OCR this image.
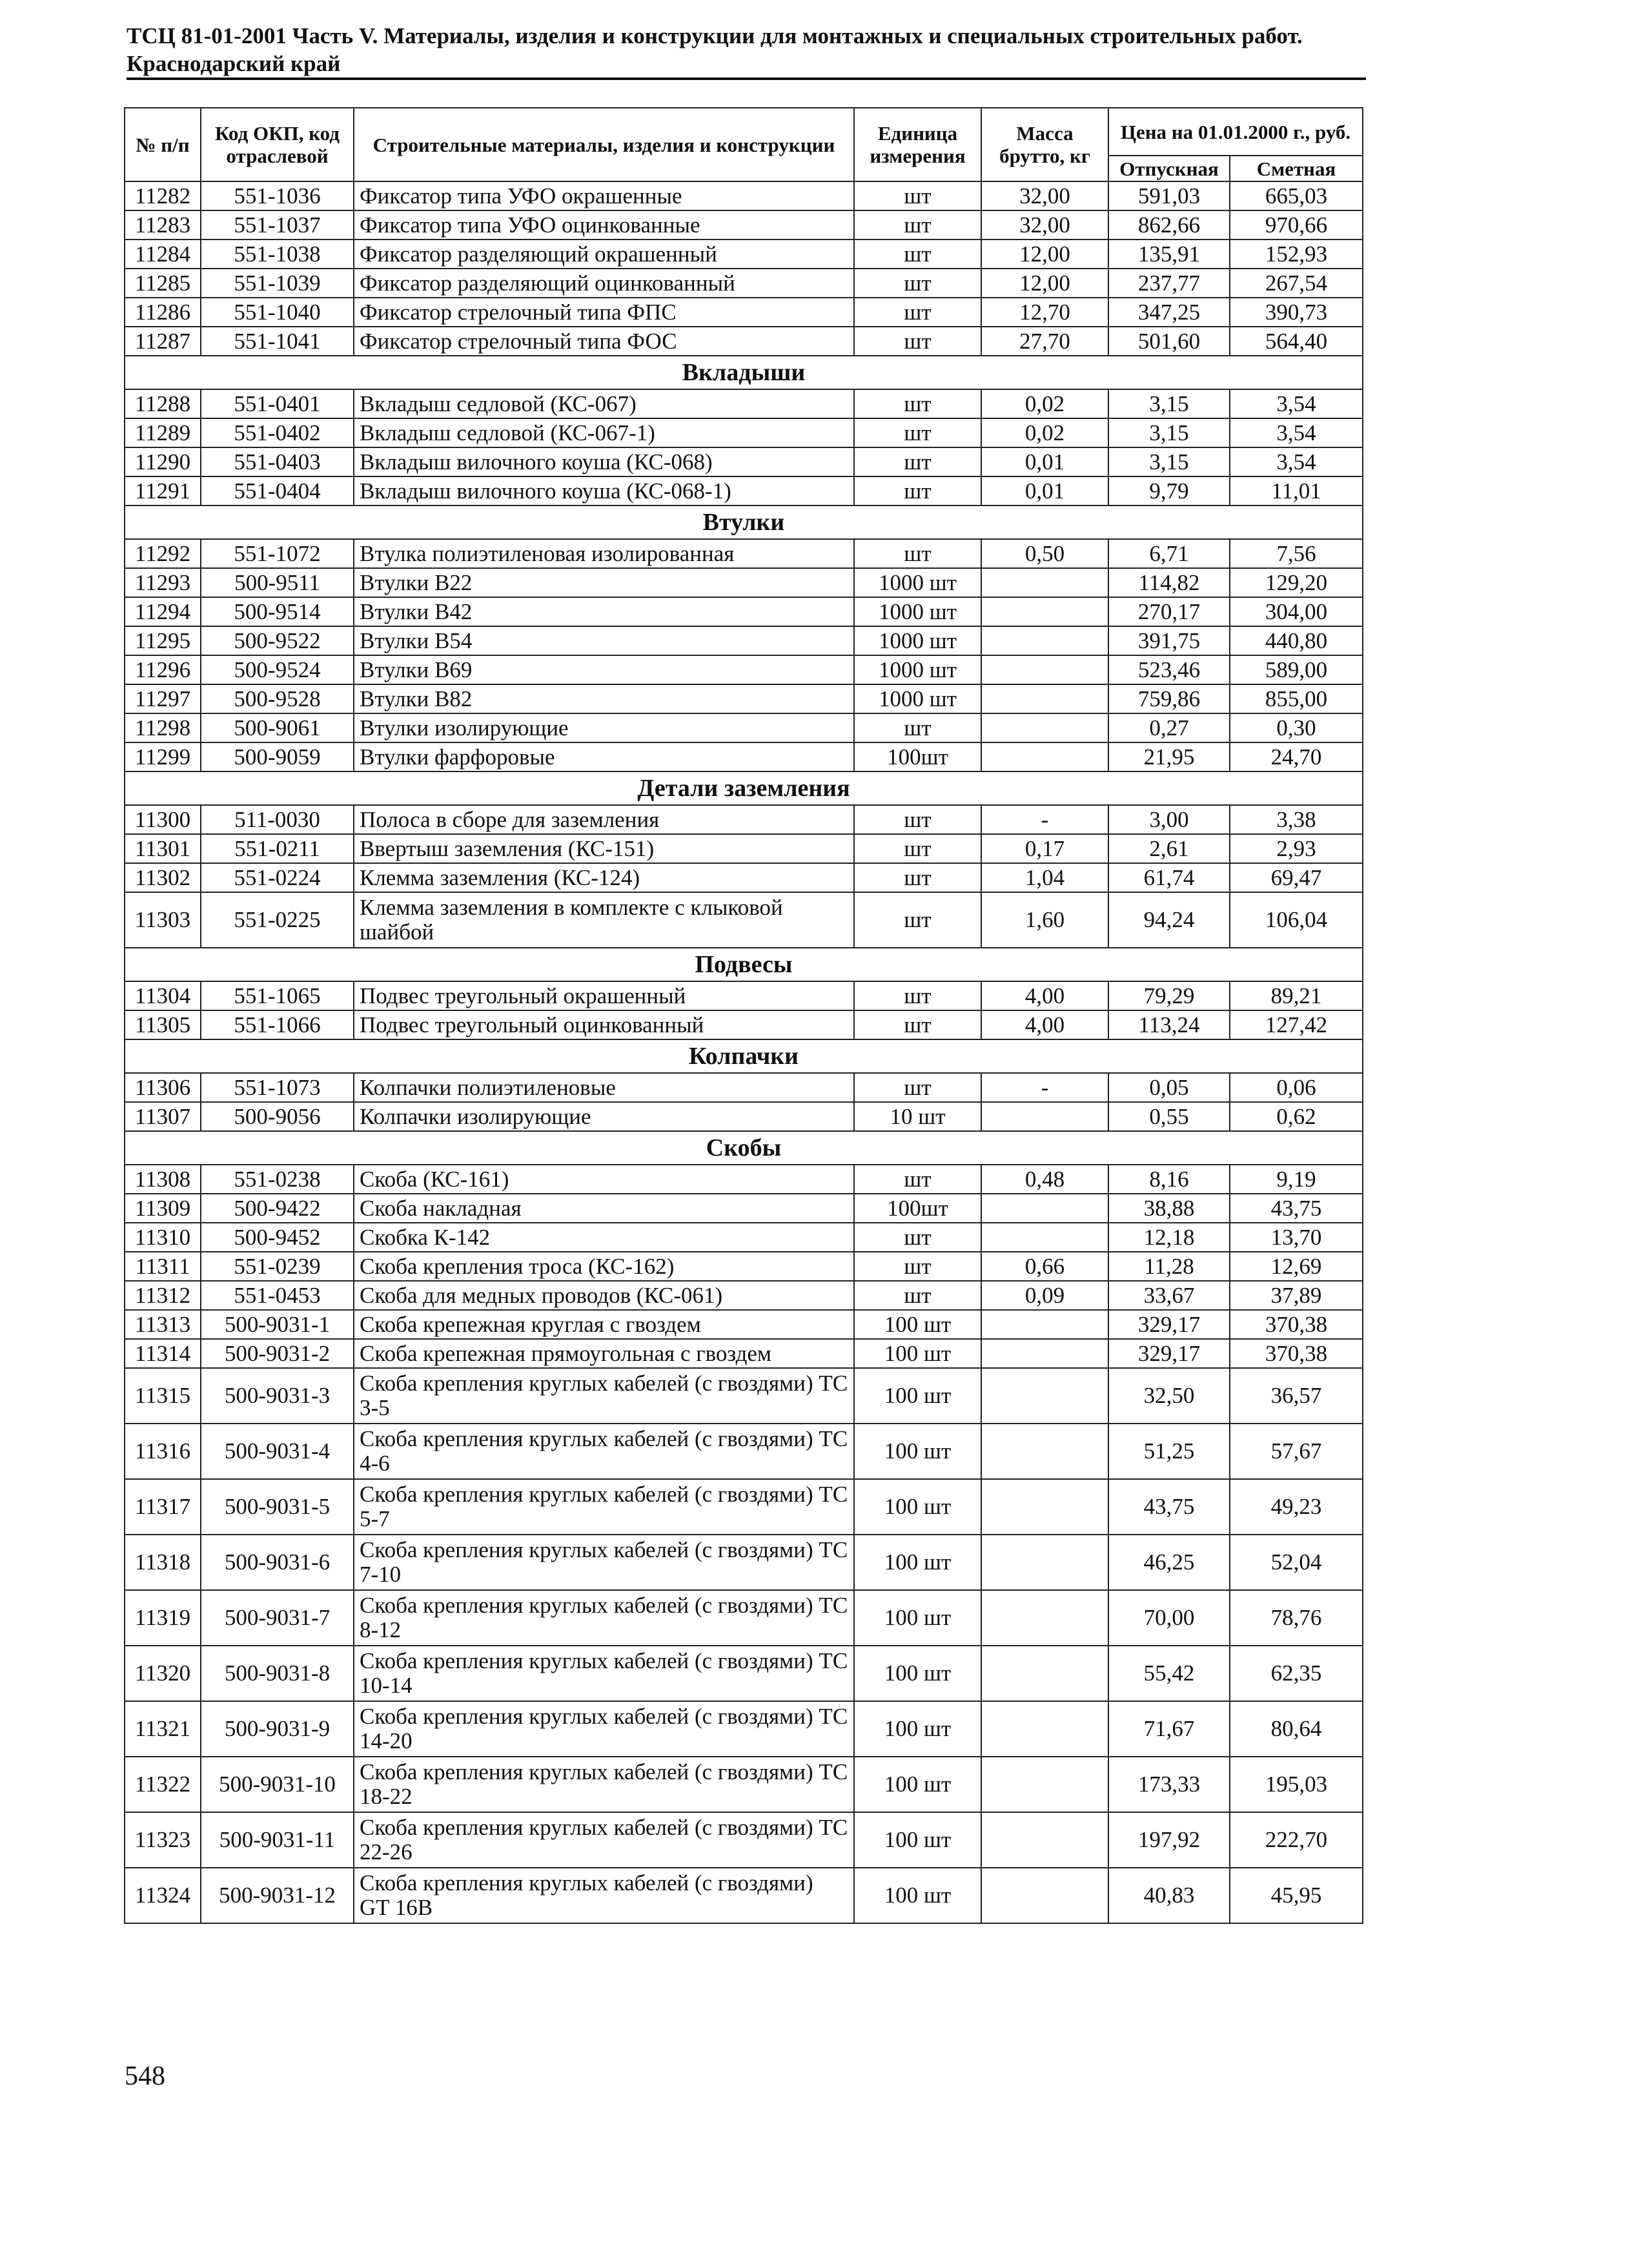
ТСЦ 81-01-2001 Часть V. Материалы, изделия и конструкции для монтажных и специальных строительных работ.
Краснодарский край
№ п/п	Код ОКП, код отраслевой	Строительные материалы, изделия и конструкции	Единица измерения	Масса брутто, кг	Цена на 01.01.2000 г., руб.	
					Отпускная	Сметная
11282	551-1036	Фиксатор типа УФО окрашенные	шт	32,00	591,03	665,03
11283	551-1037	Фиксатор типа УФО оцинкованные	шт	32,00	862,66	970,66
11284	551-1038	Фиксатор разделяющий окрашенный	шт	12,00	135,91	152,93
11285	551-1039	Фиксатор разделяющий оцинкованный	шт	12,00	237,77	267,54
11286	551-1040	Фиксатор стрелочный типа ФПС	шт	12,70	347,25	390,73
11287	551-1041	Фиксатор стрелочный типа ФОС	шт	27,70	501,60	564,40
Вкладыши						
11288	551-0401	Вкладыш седловой (КС-067)	шт	0,02	3,15	3,54
11289	551-0402	Вкладыш седловой (КС-067-1)	шт	0,02	3,15	3,54
11290	551-0403	Вкладыш вилочного коуша (КС-068)	шт	0,01	3,15	3,54
11291	551-0404	Вкладыш вилочного коуша (КС-068-1)	шт	0,01	9,79	11,01
Втулки						
11292	551-1072	Втулка полиэтиленовая изолированная	шт	0,50	6,71	7,56
11293	500-9511	Втулки В22	1000 шт		114,82	129,20
11294	500-9514	Втулки В42	1000 шт		270,17	304,00
11295	500-9522	Втулки В54	1000 шт		391,75	440,80
11296	500-9524	Втулки В69	1000 шт		523,46	589,00
11297	500-9528	Втулки В82	1000 шт		759,86	855,00
11298	500-9061	Втулки изолирующие	шт		0,27	0,30
11299	500-9059	Втулки фарфоровые	100шт		21,95	24,70
Детали заземления						
11300	511-0030	Полоса в сборе для заземления	шт	-	3,00	3,38
11301	551-0211	Ввертыш заземления (КС-151)	шт	0,17	2,61	2,93
11302	551-0224	Клемма заземления (КС-124)	шт	1,04	61,74	69,47
11303	551-0225	Клемма заземления в комплекте с клыковой шайбой	шт	1,60	94,24	106,04
Подвесы						
11304	551-1065	Подвес треугольный окрашенный	шт	4,00	79,29	89,21
11305	551-1066	Подвес треугольный оцинкованный	шт	4,00	113,24	127,42
Колпачки						
11306	551-1073	Колпачки полиэтиленовые	шт	-	0,05	0,06
11307	500-9056	Колпачки изолирующие	10 шт		0,55	0,62
Скобы						
11308	551-0238	Скоба (КС-161)	шт	0,48	8,16	9,19
11309	500-9422	Скоба накладная	100шт		38,88	43,75
11310	500-9452	Скобка К-142	шт		12,18	13,70
11311	551-0239	Скоба крепления троса (КС-162)	шт	0,66	11,28	12,69
11312	551-0453	Скоба для медных проводов (КС-061)	шт	0,09	33,67	37,89
11313	500-9031-1	Скоба крепежная круглая с гвоздем	100 шт		329,17	370,38
11314	500-9031-2	Скоба крепежная прямоугольная с гвоздем	100 шт		329,17	370,38
11315	500-9031-3	Скоба крепления круглых кабелей (с гвоздями) ТС 3-5	100 шт		32,50	36,57
11316	500-9031-4	Скоба крепления круглых кабелей (с гвоздями) ТС 4-6	100 шт		51,25	57,67
11317	500-9031-5	Скоба крепления круглых кабелей (с гвоздями) ТС 5-7	100 шт		43,75	49,23
11318	500-9031-6	Скоба крепления круглых кабелей (с гвоздями) ТС 7-10	100 шт		46,25	52,04
11319	500-9031-7	Скоба крепления круглых кабелей (с гвоздями) ТС 8-12	100 шт		70,00	78,76
11320	500-9031-8	Скоба крепления круглых кабелей (с гвоздями) ТС 10-14	100 шт		55,42	62,35
11321	500-9031-9	Скоба крепления круглых кабелей (с гвоздями) ТС 14-20	100 шт		71,67	80,64
11322	500-9031-10	Скоба крепления круглых кабелей (с гвоздями) ТС 18-22	100 шт		173,33	195,03
11323	500-9031-11	Скоба крепления круглых кабелей (с гвоздями) ТС 22-26	100 шт		197,92	222,70
11324	500-9031-12	Скоба крепления круглых кабелей (с гвоздями) GT 16B	100 шт		40,83	45,95
548
